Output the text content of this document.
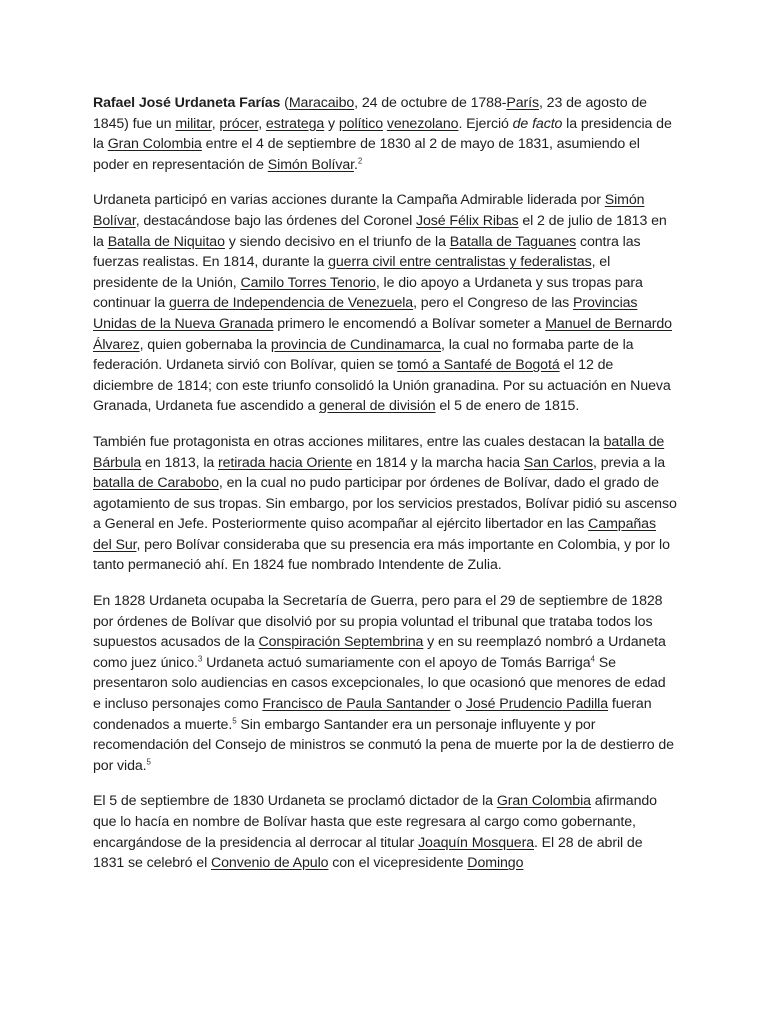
Rafael José Urdaneta Farías (Maracaibo, 24 de octubre de 1788-París, 23 de agosto de 1845) fue un militar, prócer, estratega y político venezolano. Ejerció de facto la presidencia de la Gran Colombia entre el 4 de septiembre de 1830 al 2 de mayo de 1831, asumiendo el poder en representación de Simón Bolívar.$^2$

Urdaneta participó en varias acciones durante la Campaña Admirable liderada por Simón Bolívar, destacándose bajo las órdenes del Coronel José Félix Ribas el 2 de julio de 1813 en la Batalla de Niquitao y siendo decisivo en el triunfo de la Batalla de Taguanes contra las fuerzas realistas. En 1814, durante la guerra civil entre centralistas y federalistas, el presidente de la Unión, Camilo Torres Tenorio, le dio apoyo a Urdaneta y sus tropas para continuar la guerra de Independencia de Venezuela, pero el Congreso de las Provincias Unidas de la Nueva Granada primero le encomendó a Bolívar someter a Manuel de Bernardo Álvarez, quien gobernaba la provincia de Cundinamarca, la cual no formaba parte de la federación. Urdaneta sirvió con Bolívar, quien se tomó a Santafé de Bogotá el 12 de diciembre de 1814; con este triunfo consolidó la Unión granadina. Por su actuación en Nueva Granada, Urdaneta fue ascendido a general de división el 5 de enero de 1815.

También fue protagonista en otras acciones militares, entre las cuales destacan la batalla de Bárbula en 1813, la retirada hacia Oriente en 1814 y la marcha hacia San Carlos, previa a la batalla de Carabobo, en la cual no pudo participar por órdenes de Bolívar, dado el grado de agotamiento de sus tropas. Sin embargo, por los servicios prestados, Bolívar pidió su ascenso a General en Jefe. Posteriormente quiso acompañar al ejército libertador en las Campañas del Sur, pero Bolívar consideraba que su presencia era más importante en Colombia, y por lo tanto permaneció ahí. En 1824 fue nombrado Intendente de Zulia.

En 1828 Urdaneta ocupaba la Secretaría de Guerra, pero para el 29 de septiembre de 1828 por órdenes de Bolívar que disolvió por su propia voluntad el tribunal que trataba todos los supuestos acusados de la Conspiración Septembrina y en su reemplazó nombró a Urdaneta como juez único.$^3$ Urdaneta actuó sumariamente con el apoyo de Tomás Barriga$^4$ Se presentaron solo audiencias en casos excepcionales, lo que ocasionó que menores de edad e incluso personajes como Francisco de Paula Santander o José Prudencio Padilla fueran condenados a muerte.$^5$ Sin embargo Santander era un personaje influyente y por recomendación del Consejo de ministros se conmutó la pena de muerte por la de destierro de por vida.$^5$

El 5 de septiembre de 1830 Urdaneta se proclamó dictador de la Gran Colombia afirmando que lo hacía en nombre de Bolívar hasta que este regresara al cargo como gobernante, encargándose de la presidencia al derrocar al titular Joaquín Mosquera. El 28 de abril de 1831 se celebró el Convenio de Apulo con el vicepresidente Domingo
